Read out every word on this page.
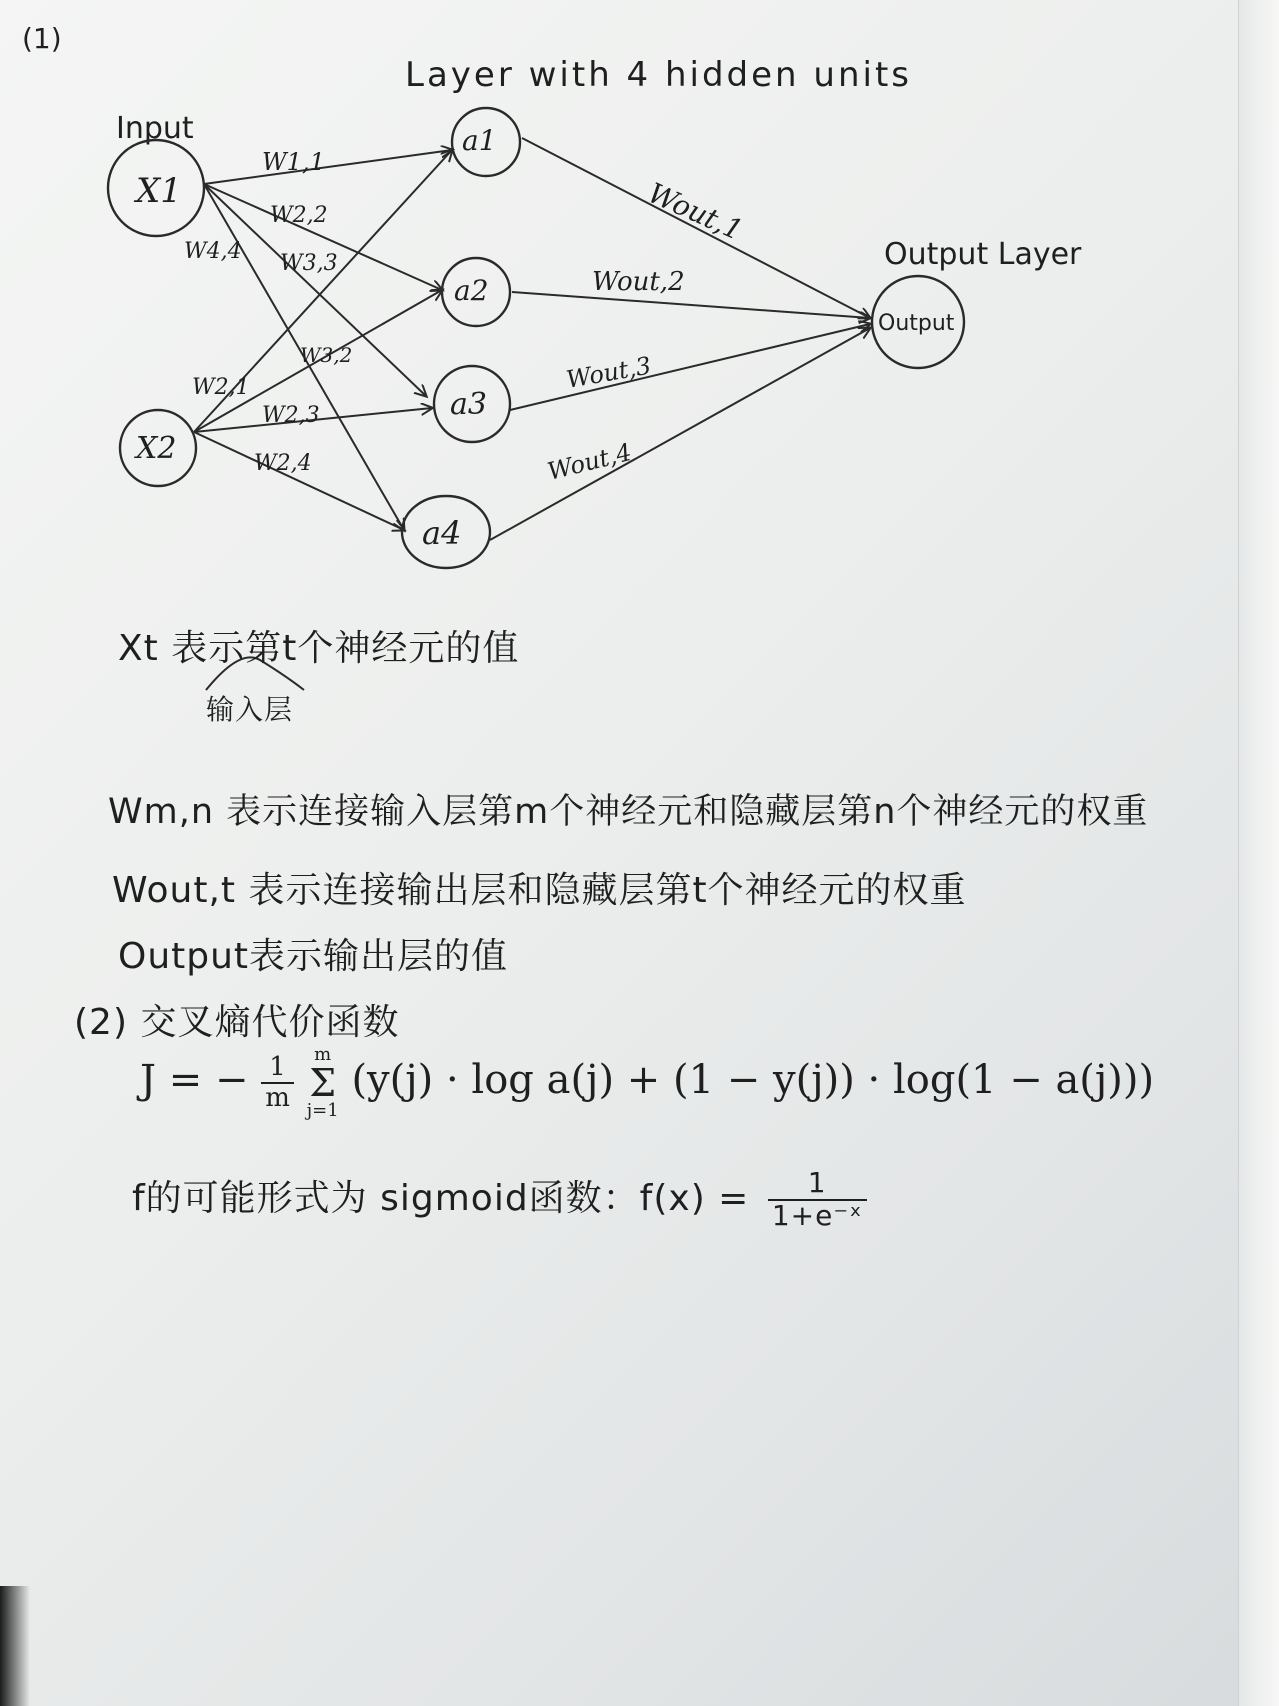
(1)
Layer with 4 hidden units
Input
Output Layer
X1
X2
a1
a2
a3
a4
Output
W1,1
W2,2
W3,3
W4,4
W2,1
W3,2
W2,3
W2,4
Wout,1
Wout,2
Wout,3
Wout,4
Xt 表示第t个神经元的值
输入层
Wm,n 表示连接输入层第m个神经元和隐藏层第n个神经元的权重
Wout,t 表示连接输出层和隐藏层第t个神经元的权重
Output表示输出层的值
(2) 交叉熵代价函数
J = − $\frac{1}{m}$
	m
Σ
j=1
(y(j) · log a(j) + (1 − y(j)) · log(1 − a(j)))
f的可能形式为 sigmoid函数：$f(x) = \frac{1}{\text{1+e⁻ˣ}}$
